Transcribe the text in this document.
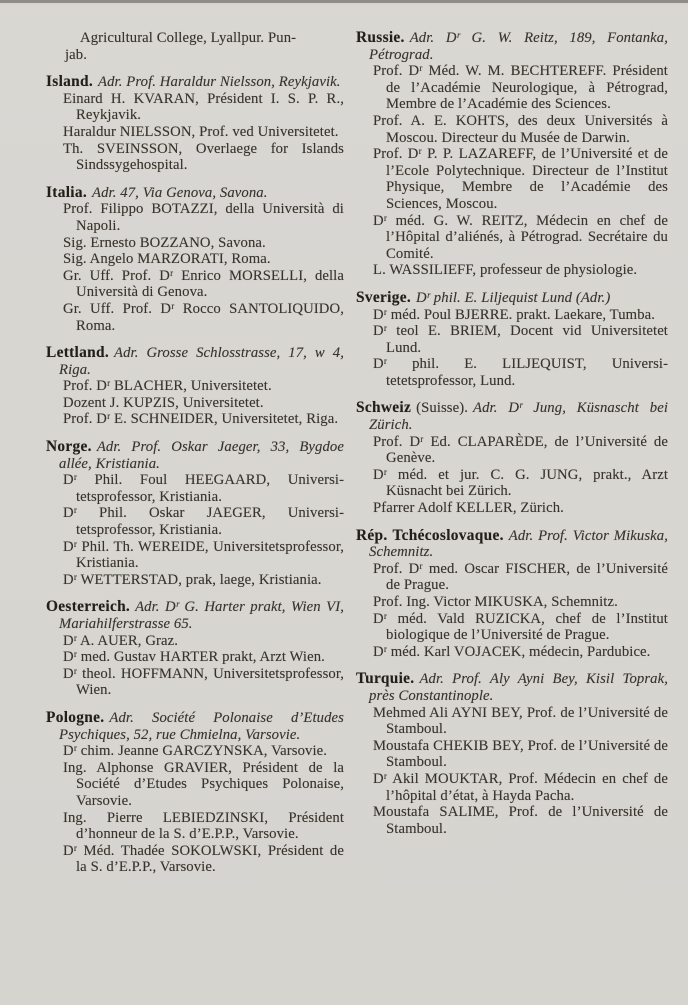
Agricultural College, Lyallpur. Pun-
jab.

Island. Adr. Prof. Haraldur Nielsson, Reykjavik.

Einard H. KVARAN, Président I. S. P. R., Reykjavik.

Haraldur NIELSSON, Prof. ved Universitetet.

Th. SVEINSSON, Overlaege for Islands Sindssygehospital.

Italia. Adr. 47, Via Genova, Savona.

Prof. Filippo BOTAZZI, della Università di Napoli.

Sig. Ernesto BOZZANO, Savona.

Sig. Angelo MARZORATI, Roma.

Gr. Uff. Prof. Dʳ Enrico MORSELLI, della Università di Genova.

Gr. Uff. Prof. Dʳ Rocco SANTOLIQUIDO, Roma.

Lettland. Adr. Grosse Schlosstrasse, 17, w 4, Riga.

Prof. Dʳ BLACHER, Universitetet.

Dozent J. KUPZIS, Universitetet.

Prof. Dʳ E. SCHNEIDER, Universitetet, Riga.

Norge. Adr. Prof. Oskar Jaeger, 33, Bygdoe allée, Kristiania.

Dʳ Phil. Foul HEEGAARD, Universitetsprofessor, Kristiania.

Dʳ Phil. Oskar JAEGER, Universitetsprofessor, Kristiania.

Dʳ Phil. Th. WEREIDE, Universitetsprofessor, Kristiania.

Dʳ WETTERSTAD, prak, laege, Kristiania.

Oesterreich. Adr. Dʳ G. Harter prakt, Wien VI, Mariahilferstrasse 65.

Dʳ A. AUER, Graz.

Dʳ med. Gustav HARTER prakt, Arzt Wien.

Dʳ theol. HOFFMANN, Universitetsprofessor, Wien.

Pologne. Adr. Société Polonaise d’Etudes Psychiques, 52, rue Chmielna, Varsovie.

Dʳ chim. Jeanne GARCZYNSKA, Varsovie.

Ing. Alphonse GRAVIER, Président de la Société d’Etudes Psychiques Polonaise, Varsovie.

Ing. Pierre LEBIEDZINSKI, Président d’honneur de la S. d’E.P.P., Varsovie.

Dʳ Méd. Thadée SOKOLWSKI, Président de la S. d’E.P.P., Varsovie.

Russie. Adr. Dʳ G. W. Reitz, 189, Fontanka, Pétrograd.

Prof. Dʳ Méd. W. M. BECHTEREFF. Président de l’Académie Neurologique, à Pétrograd, Membre de l’Académie des Sciences.

Prof. A. E. KOHTS, des deux Universités à Moscou. Directeur du Musée de Darwin.

Prof. Dʳ P. P. LAZAREFF, de l’Université et de l’Ecole Polytechnique. Directeur de l’Institut Physique, Membre de l’Académie des Sciences, Moscou.

Dʳ méd. G. W. REITZ, Médecin en chef de l’Hôpital d’aliénés, à Pétrograd. Secrétaire du Comité.

L. WASSILIEFF, professeur de physiologie.

Sverige. Dʳ phil. E. Liljequist Lund (Adr.)

Dʳ méd. Poul BJERRE. prakt. Laekare, Tumba.

Dʳ teol E. BRIEM, Docent vid Universitetet Lund.

Dʳ phil. E. LILJEQUIST, Universitetetsprofessor, Lund.

Schweiz (Suisse). Adr. Dʳ Jung, Küsnascht bei Zürich.

Prof. Dʳ Ed. CLAPARÈDE, de l’Université de Genève.

Dʳ méd. et jur. C. G. JUNG, prakt., Arzt Küsnacht bei Zürich.

Pfarrer Adolf KELLER, Zürich.

Rép. Tchécoslovaque. Adr. Prof. Victor Mikuska, Schemnitz.

Prof. Dʳ med. Oscar FISCHER, de l’Université de Prague.

Prof. Ing. Victor MIKUSKA, Schemnitz.

Dʳ méd. Vald RUZICKA, chef de l’Institut biologique de l’Université de Prague.

Dʳ méd. Karl VOJACEK, médecin, Pardubice.

Turquie. Adr. Prof. Aly Ayni Bey, Kisil Toprak, près Constantinople.

Mehmed Ali AYNI BEY, Prof. de l’Université de Stamboul.

Moustafa CHEKIB BEY, Prof. de l’Université de Stamboul.

Dʳ Akil MOUKTAR, Prof. Médecin en chef de l’hôpital d’état, à Hayda Pacha.

Moustafa SALIME, Prof. de l’Université de Stamboul.
